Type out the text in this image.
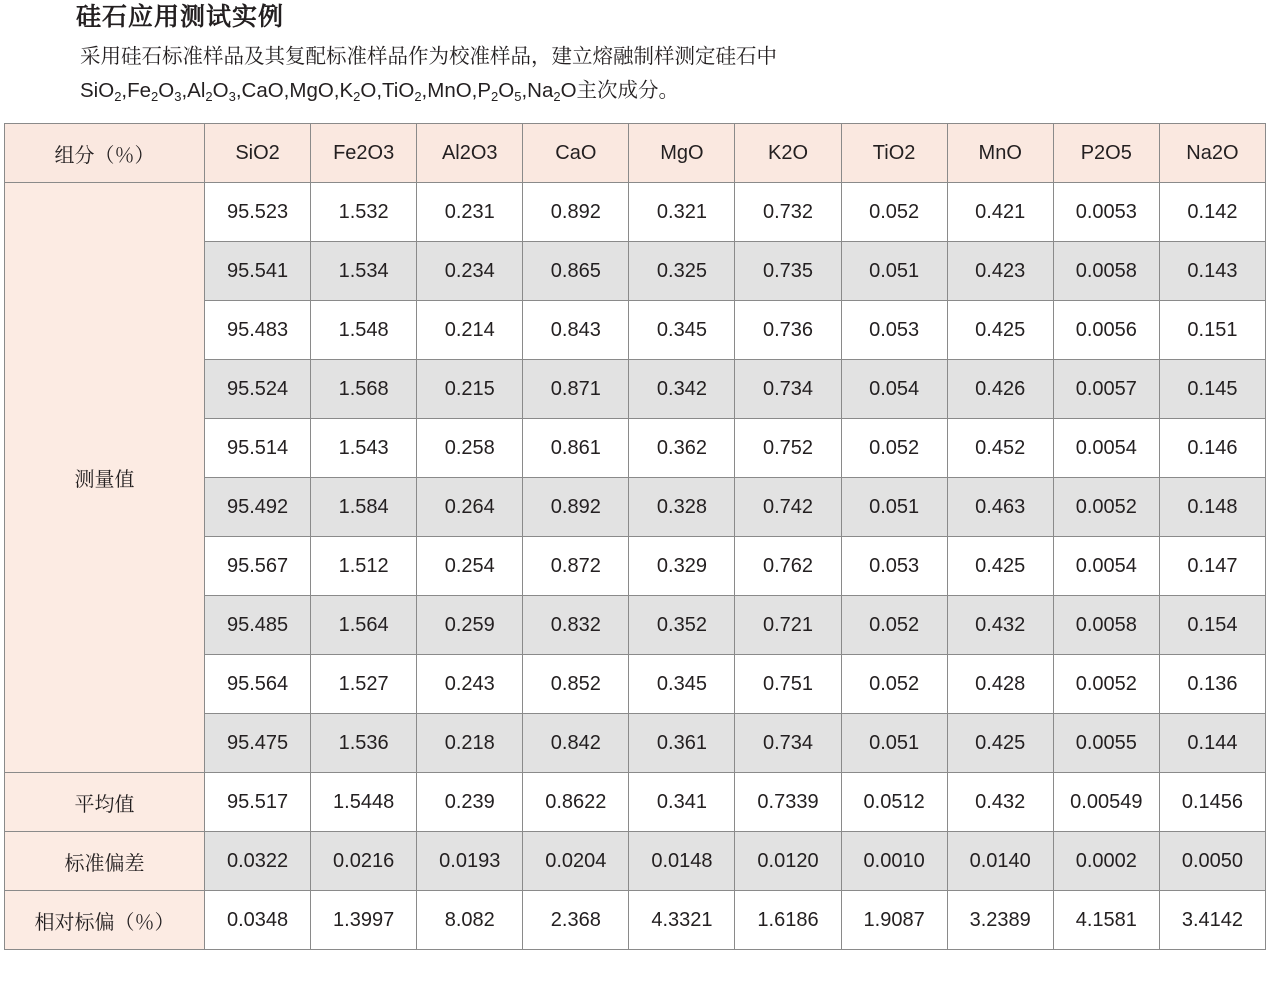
硅石应用测试实例
采用硅石标准样品及其复配标准样品作为校准样品，建立熔融制样测定硅石中
$SiO_2,Fe_2O_3,Al_2O_3,CaO,MgO,K_2O,TiO_2,MnO,P_2O_5,Na_2O$主次成分。
组分（％）	SiO2	Fe2O3	Al2O3	CaO	MgO	K2O	TiO2	MnO	P2O5	Na2O
测量值	95.523	1.532	0.231	0.892	0.321	0.732	0.052	0.421	0.0053	0.142
	95.541	1.534	0.234	0.865	0.325	0.735	0.051	0.423	0.0058	0.143
	95.483	1.548	0.214	0.843	0.345	0.736	0.053	0.425	0.0056	0.151
	95.524	1.568	0.215	0.871	0.342	0.734	0.054	0.426	0.0057	0.145
	95.514	1.543	0.258	0.861	0.362	0.752	0.052	0.452	0.0054	0.146
	95.492	1.584	0.264	0.892	0.328	0.742	0.051	0.463	0.0052	0.148
	95.567	1.512	0.254	0.872	0.329	0.762	0.053	0.425	0.0054	0.147
	95.485	1.564	0.259	0.832	0.352	0.721	0.052	0.432	0.0058	0.154
	95.564	1.527	0.243	0.852	0.345	0.751	0.052	0.428	0.0052	0.136
	95.475	1.536	0.218	0.842	0.361	0.734	0.051	0.425	0.0055	0.144
平均值	95.517	1.5448	0.239	0.8622	0.341	0.7339	0.0512	0.432	0.00549	0.1456
标准偏差	0.0322	0.0216	0.0193	0.0204	0.0148	0.0120	0.0010	0.0140	0.0002	0.0050
相对标偏（％）	0.0348	1.3997	8.082	2.368	4.3321	1.6186	1.9087	3.2389	4.1581	3.4142
